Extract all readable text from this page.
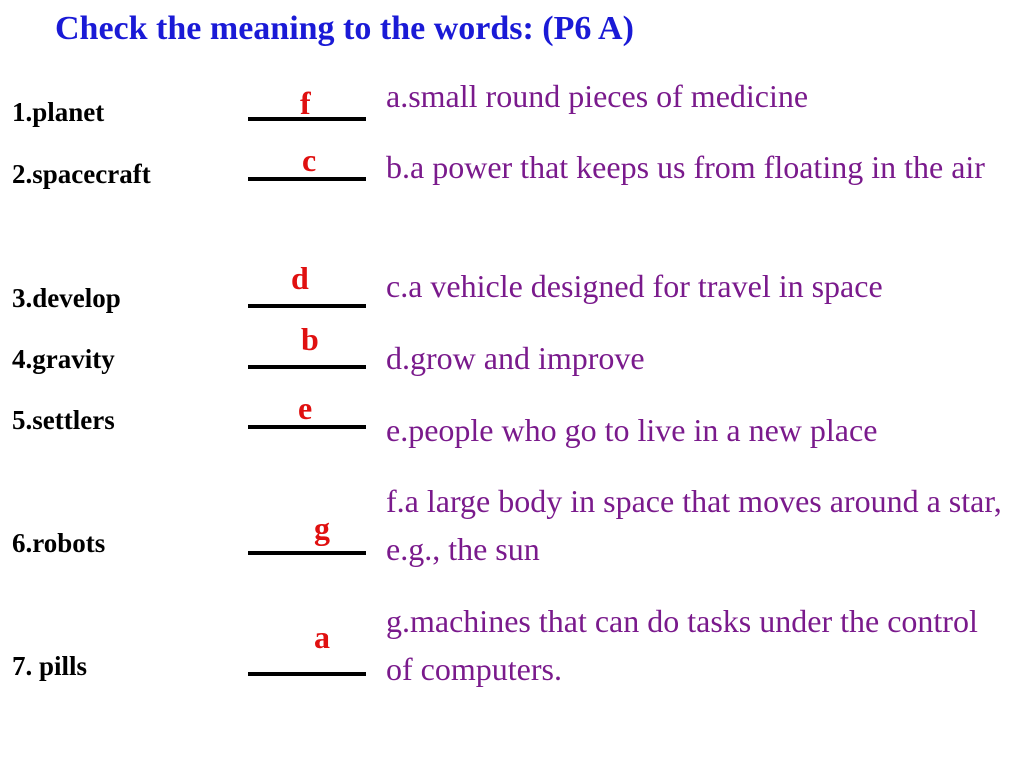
Check the meaning to the words: (P6 A)
1.planet
2.spacecraft
3.develop
4.gravity
5.settlers
6.robots
7. pills
f
c
d
b
e
g
a
a.small round pieces of medicine
b.a power that keeps us from floating in the air
c.a vehicle designed for travel in space
d.grow and improve
e.people who go to live in a new place
f.a large body in space that moves around a star, e.g., the sun
g.machines that can do tasks under the control of computers.
